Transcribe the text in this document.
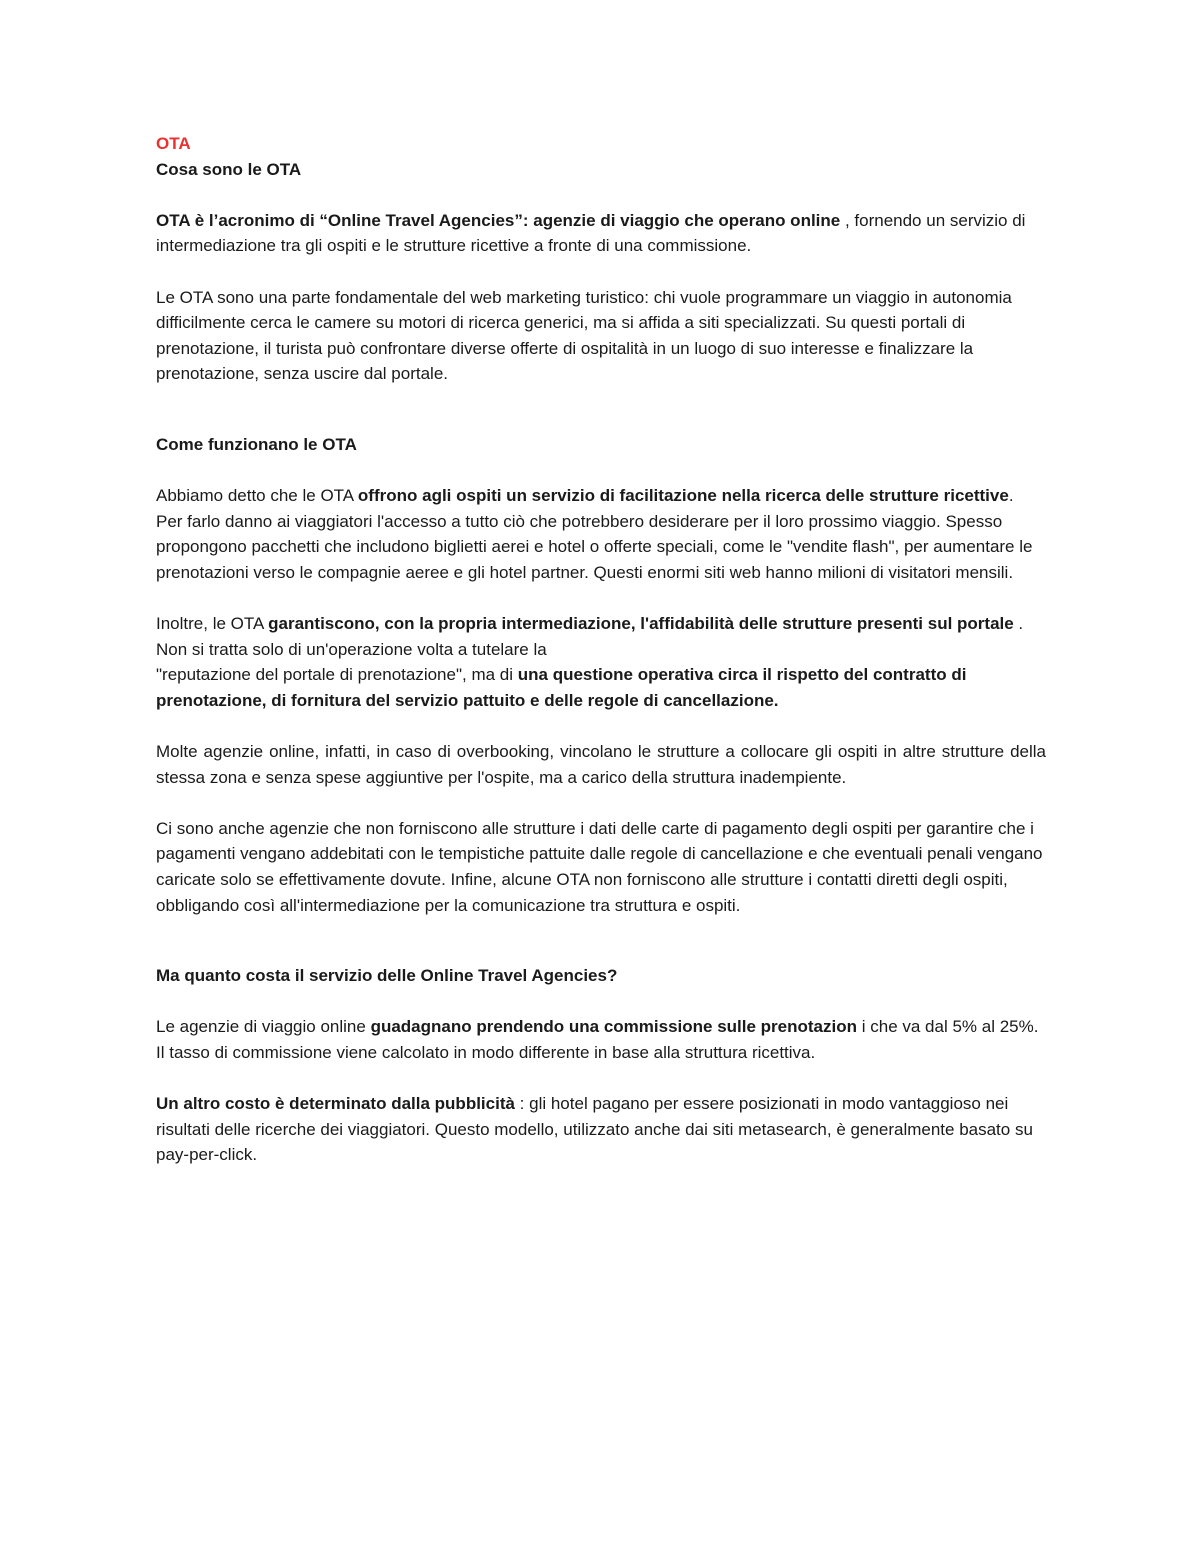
OTA

Cosa sono le OTA

OTA è l’acronimo di “Online Travel Agencies”: agenzie di viaggio che operano online , fornendo un servizio di intermediazione tra gli ospiti e le strutture ricettive a fronte di una commissione.

Le OTA sono una parte fondamentale del web marketing turistico: chi vuole programmare un viaggio in autonomia difficilmente cerca le camere su motori di ricerca generici, ma si affida a siti specializzati. Su questi portali di prenotazione, il turista può confrontare diverse offerte di ospitalità in un luogo di suo interesse e finalizzare la prenotazione, senza uscire dal portale.

Come funzionano le OTA

Abbiamo detto che le OTA offrono agli ospiti un servizio di facilitazione nella ricerca delle strutture ricettive.
Per farlo danno ai viaggiatori l'accesso a tutto ciò che potrebbero desiderare per il loro prossimo viaggio. Spesso propongono pacchetti che includono biglietti aerei e hotel o offerte speciali, come le "vendite flash", per aumentare le prenotazioni verso le compagnie aeree e gli hotel partner. Questi enormi siti web hanno milioni di visitatori mensili.

Inoltre, le OTA garantiscono, con la propria intermediazione, l'affidabilità delle strutture presenti sul portale .
Non si tratta solo di un'operazione volta a tutelare la
"reputazione del portale di prenotazione", ma di una questione operativa circa il rispetto del contratto di prenotazione, di fornitura del servizio pattuito e delle regole di cancellazione.

Molte agenzie online, infatti, in caso di overbooking, vincolano le strutture a collocare gli ospiti in altre strutture della stessa zona e senza spese aggiuntive per l'ospite, ma a carico della struttura inadempiente.

Ci sono anche agenzie che non forniscono alle strutture i dati delle carte di pagamento degli ospiti per garantire che i pagamenti vengano addebitati con le tempistiche pattuite dalle regole di cancellazione e che eventuali penali vengano caricate solo se effettivamente dovute. Infine, alcune OTA non forniscono alle strutture i contatti diretti degli ospiti, obbligando così all'intermediazione per la comunicazione tra struttura e ospiti.

Ma quanto costa il servizio delle Online Travel Agencies?

Le agenzie di viaggio online guadagnano prendendo una commissione sulle prenotazion i che va dal 5% al 25%. Il tasso di commissione viene calcolato in modo differente in base alla struttura ricettiva.

Un altro costo è determinato dalla pubblicità : gli hotel pagano per essere posizionati in modo vantaggioso nei risultati delle ricerche dei viaggiatori. Questo modello, utilizzato anche dai siti metasearch, è generalmente basato su pay-per-click.
